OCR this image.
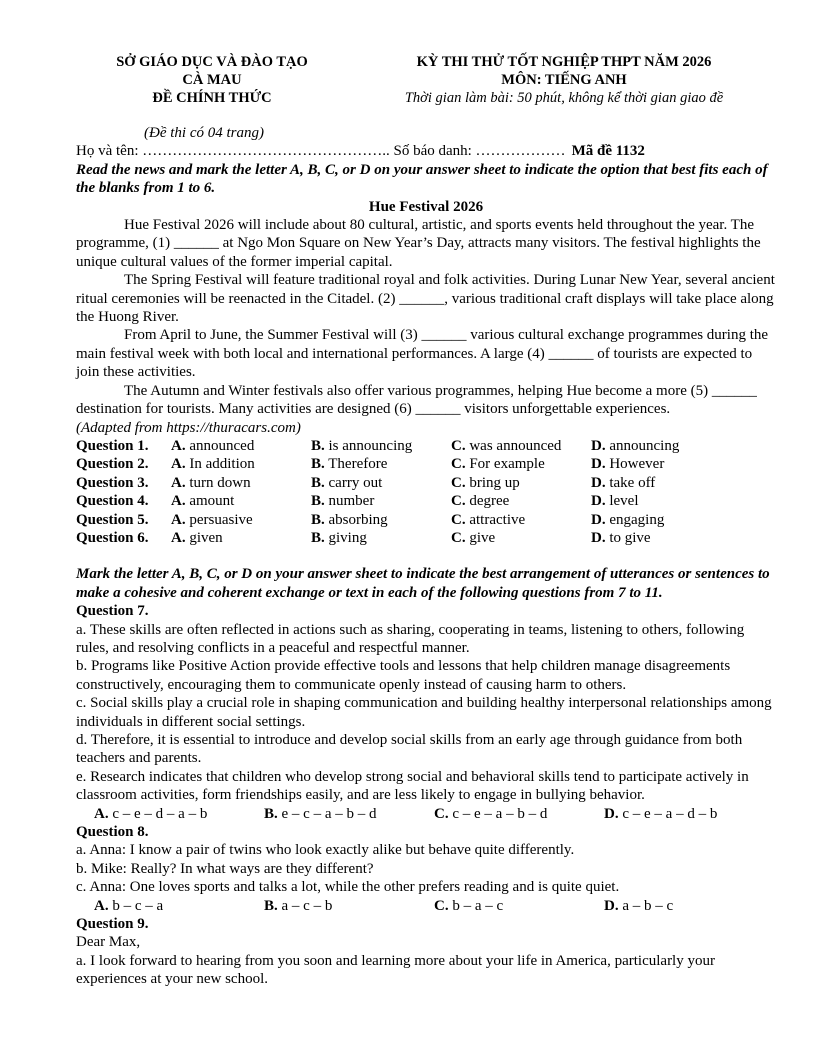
SỞ GIÁO DỤC VÀ ĐÀO TẠO
CÀ MAU
ĐỀ CHÍNH THỨC
KỲ THI THỬ TỐT NGHIỆP THPT NĂM 2026
MÔN: TIẾNG ANH
Thời gian làm bài: 50 phút, không kể thời gian giao đề
(Đề thi có 04 trang)
Họ và tên: ………………………………………….. Số báo danh: ……………… Mã đề 1132
Read the news and mark the letter A, B, C, or D on your answer sheet to indicate the option that best fits each of the blanks from 1 to 6.
Hue Festival 2026
Hue Festival 2026 will include about 80 cultural, artistic, and sports events held throughout the year. The programme, (1) ______ at Ngo Mon Square on New Year’s Day, attracts many visitors. The festival highlights the unique cultural values of the former imperial capital.
The Spring Festival will feature traditional royal and folk activities. During Lunar New Year, several ancient ritual ceremonies will be reenacted in the Citadel. (2) ______, various traditional craft displays will take place along the Huong River.
From April to June, the Summer Festival will (3) ______ various cultural exchange programmes during the main festival week with both local and international performances. A large (4) ______ of tourists are expected to join these activities.
The Autumn and Winter festivals also offer various programmes, helping Hue become a more (5) ______ destination for tourists. Many activities are designed (6) ______ visitors unforgettable experiences.
(Adapted from https://thuracars.com)
Question 1.	A. announced	B. is announcing	C. was announced	D. announcing
Question 2.	A. In addition	B. Therefore	C. For example	D. However
Question 3.	A. turn down	B. carry out	C. bring up	D. take off
Question 4.	A. amount	B. number	C. degree	D. level
Question 5.	A. persuasive	B. absorbing	C. attractive	D. engaging
Question 6.	A. given	B. giving	C. give	D. to give
Mark the letter A, B, C, or D on your answer sheet to indicate the best arrangement of utterances or sentences to make a cohesive and coherent exchange or text in each of the following questions from 7 to 11.
Question 7.
a. These skills are often reflected in actions such as sharing, cooperating in teams, listening to others, following rules, and resolving conflicts in a peaceful and respectful manner.
b. Programs like Positive Action provide effective tools and lessons that help children manage disagreements constructively, encouraging them to communicate openly instead of causing harm to others.
c. Social skills play a crucial role in shaping communication and building healthy interpersonal relationships among individuals in different social settings.
d. Therefore, it is essential to introduce and develop social skills from an early age through guidance from both teachers and parents.
e. Research indicates that children who develop strong social and behavioral skills tend to participate actively in classroom activities, form friendships easily, and are less likely to engage in bullying behavior.
A. c – e – d – a – b	B. e – c – a – b – d	C. c – e – a – b – d	D. c – e – a – d – b
Question 8.
a. Anna: I know a pair of twins who look exactly alike but behave quite differently.
b. Mike: Really? In what ways are they different?
c. Anna: One loves sports and talks a lot, while the other prefers reading and is quite quiet.
A. b – c – a	B. a – c – b	C. b – a – c	D. a – b – c
Question 9.
Dear Max,
a. I look forward to hearing from you soon and learning more about your life in America, particularly your experiences at your new school.
